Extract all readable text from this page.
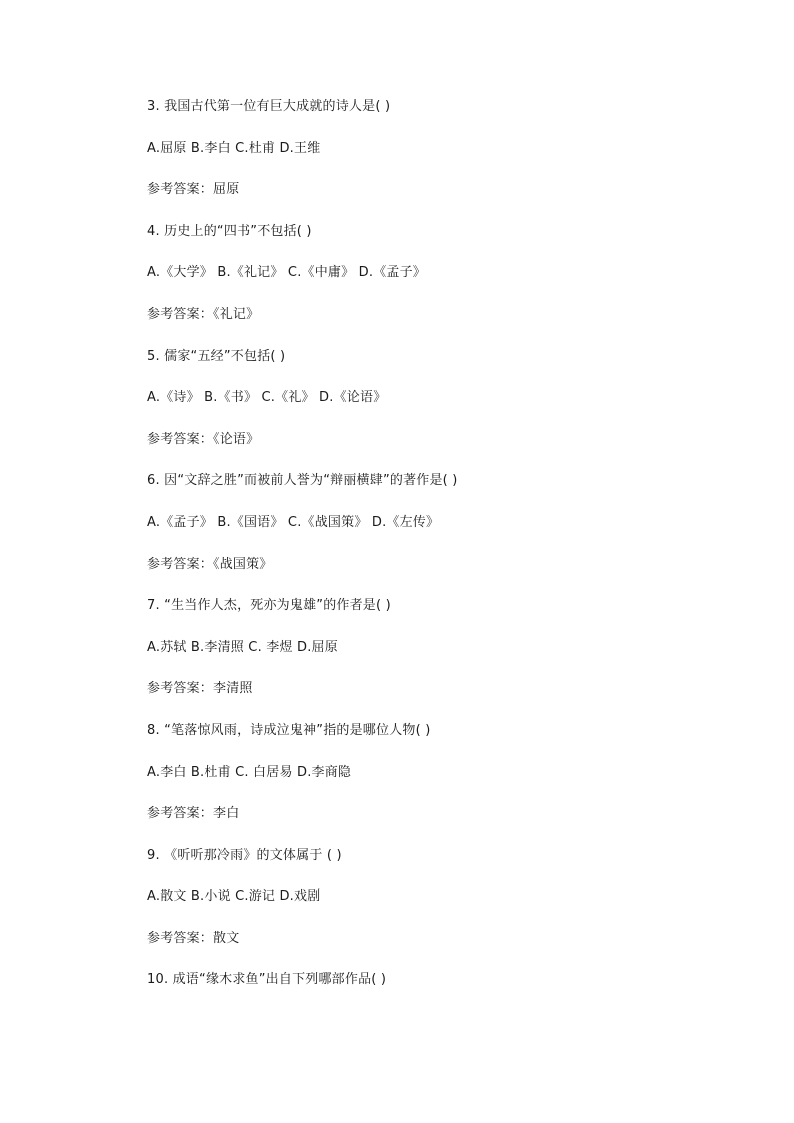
3. 我国古代第一位有巨大成就的诗人是( )
A.屈原 B.李白 C.杜甫 D.王维
参考答案：屈原
4. 历史上的“四书”不包括( )
A.《大学》 B.《礼记》 C.《中庸》 D.《孟子》
参考答案：《礼记》
5. 儒家“五经”不包括( )
A.《诗》 B.《书》 C.《礼》 D.《论语》
参考答案：《论语》
6. 因“文辞之胜”而被前人誉为“辩丽横肆”的著作是( )
A.《孟子》 B.《国语》 C.《战国策》 D.《左传》
参考答案：《战国策》
7. “生当作人杰，死亦为鬼雄”的作者是( )
A.苏轼 B.李清照 C. 李煜 D.屈原
参考答案：李清照
8. “笔落惊风雨，诗成泣鬼神”指的是哪位人物( )
A.李白 B.杜甫 C. 白居易 D.李商隐
参考答案：李白
9. 《听听那冷雨》的文体属于 ( )
A.散文 B.小说 C.游记 D.戏剧
参考答案：散文
10. 成语“缘木求鱼”出自下列哪部作品( )
